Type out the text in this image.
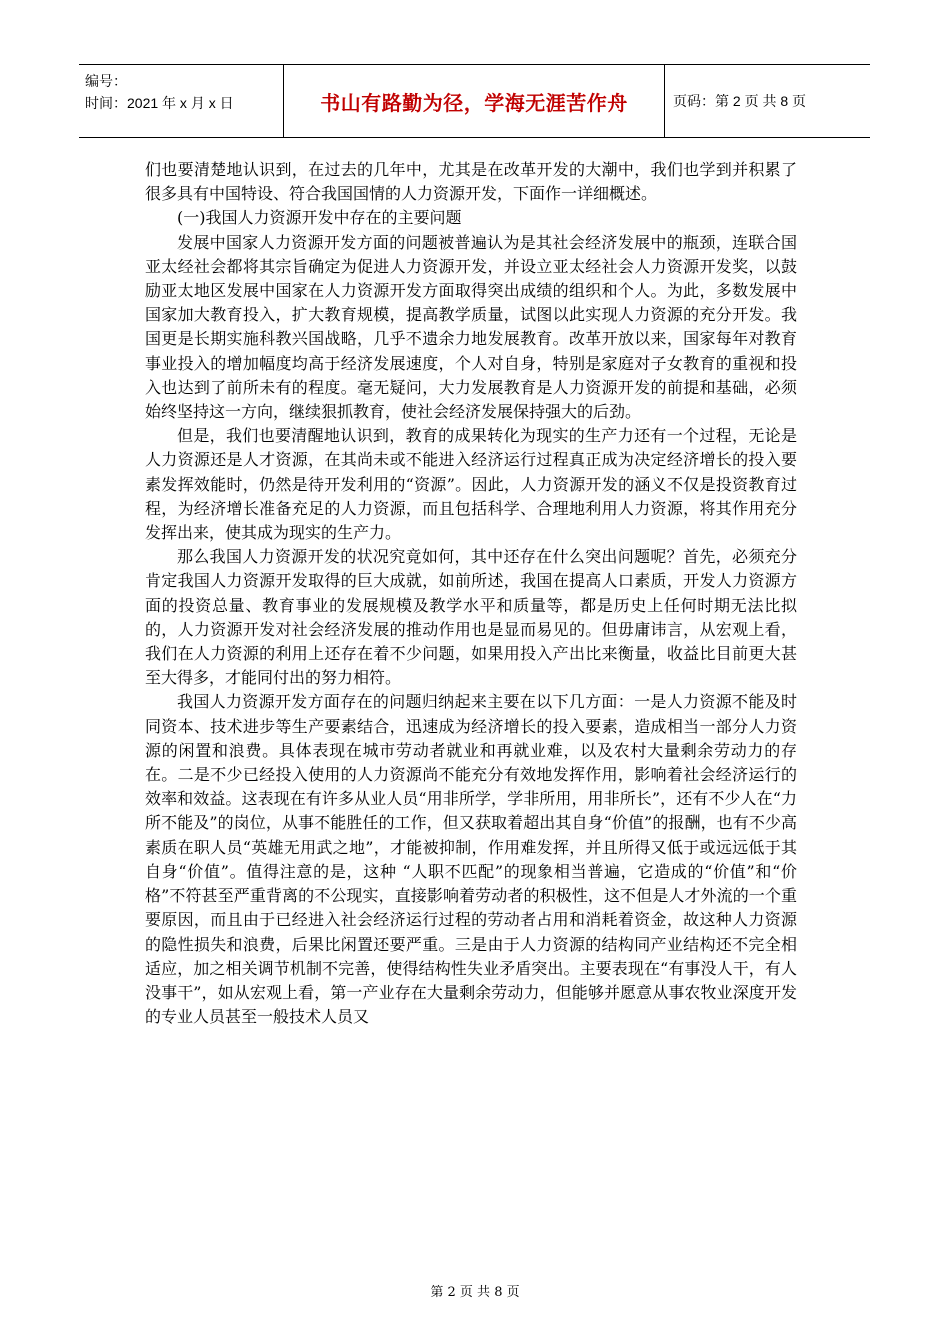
编号：
时间：2021 年 x 月 x 日	书山有路勤为径，学海无涯苦作舟	页码：第 2 页 共 8 页

们也要清楚地认识到，在过去的几年中，尤其是在改革开发的大潮中，我们也学到并积累了很多具有中国特设、符合我国国情的人力资源开发，下面作一详细概述。

(一)我国人力资源开发中存在的主要问题

发展中国家人力资源开发方面的问题被普遍认为是其社会经济发展中的瓶颈，连联合国亚太经社会都将其宗旨确定为促进人力资源开发，并设立亚太经社会人力资源开发奖，以鼓励亚太地区发展中国家在人力资源开发方面取得突出成绩的组织和个人。为此，多数发展中国家加大教育投入，扩大教育规模，提高教学质量，试图以此实现人力资源的充分开发。我国更是长期实施科教兴国战略，几乎不遗余力地发展教育。改革开放以来，国家每年对教育事业投入的增加幅度均高于经济发展速度，个人对自身，特别是家庭对子女教育的重视和投入也达到了前所未有的程度。毫无疑问，大力发展教育是人力资源开发的前提和基础，必须始终坚持这一方向，继续狠抓教育，使社会经济发展保持强大的后劲。

但是，我们也要清醒地认识到，教育的成果转化为现实的生产力还有一个过程，无论是人力资源还是人才资源，在其尚未或不能进入经济运行过程真正成为决定经济增长的投入要素发挥效能时，仍然是待开发利用的“资源”。因此，人力资源开发的涵义不仅是投资教育过程，为经济增长准备充足的人力资源，而且包括科学、合理地利用人力资源，将其作用充分发挥出来，使其成为现实的生产力。

那么我国人力资源开发的状况究竟如何，其中还存在什么突出问题呢？首先，必须充分肯定我国人力资源开发取得的巨大成就，如前所述，我国在提高人口素质，开发人力资源方面的投资总量、教育事业的发展规模及教学水平和质量等，都是历史上任何时期无法比拟的，人力资源开发对社会经济发展的推动作用也是显而易见的。但毋庸讳言，从宏观上看，我们在人力资源的利用上还存在着不少问题，如果用投入产出比来衡量，收益比目前更大甚至大得多，才能同付出的努力相符。

我国人力资源开发方面存在的问题归纳起来主要在以下几方面：一是人力资源不能及时同资本、技术进步等生产要素结合，迅速成为经济增长的投入要素，造成相当一部分人力资源的闲置和浪费。具体表现在城市劳动者就业和再就业难，以及农村大量剩余劳动力的存在。二是不少已经投入使用的人力资源尚不能充分有效地发挥作用，影响着社会经济运行的效率和效益。这表现在有许多从业人员“用非所学，学非所用，用非所长”，还有不少人在“力所不能及”的岗位，从事不能胜任的工作，但又获取着超出其自身“价值”的报酬，也有不少高素质在职人员“英雄无用武之地”，才能被抑制，作用难发挥，并且所得又低于或远远低于其自身“价值”。值得注意的是，这种 “人职不匹配”的现象相当普遍，它造成的“价值”和“价格”不符甚至严重背离的不公现实，直接影响着劳动者的积极性，这不但是人才外流的一个重要原因，而且由于已经进入社会经济运行过程的劳动者占用和消耗着资金，故这种人力资源的隐性损失和浪费，后果比闲置还要严重。三是由于人力资源的结构同产业结构还不完全相适应，加之相关调节机制不完善，使得结构性失业矛盾突出。主要表现在“有事没人干，有人没事干”，如从宏观上看，第一产业存在大量剩余劳动力，但能够并愿意从事农牧业深度开发的专业人员甚至一般技术人员又

第 2 页 共 8 页
